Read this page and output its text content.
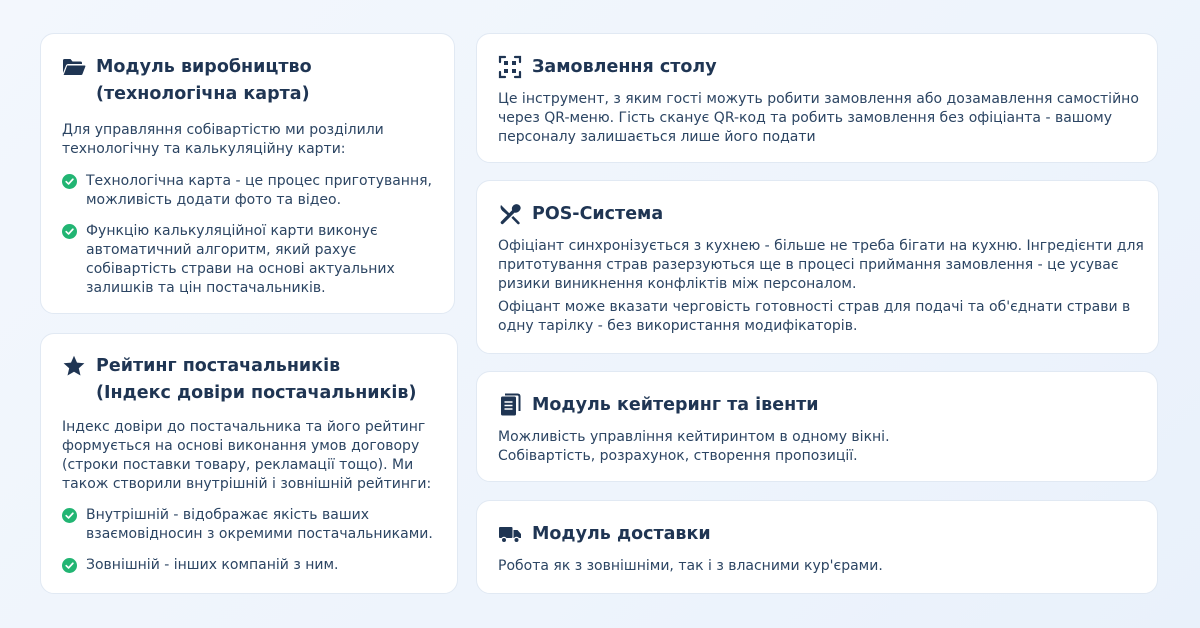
Модуль виробництво
(технологічна карта)
Для управляння собівартістю ми розділили
технологічну та калькуляційну карти:
Технологічна карта - це процес приготування,
можливість додати фото та відео.
Функцію калькуляційної карти виконує
автоматичний алгоритм, який рахує
собівартість страви на основі актуальних
залишків та цін постачальників.
Рейтинг постачальників
(Індекс довіри постачальників)
Індекс довіри до постачальника та його рейтинг
формується на основі виконання умов договору
(строки поставки товару, рекламації тощо). Ми
також створили внутрішній і зовнішній рейтинги:
Внутрішній - відображає якість ваших
взаємовідносин з окремими постачальниками.
Зовнішній - інших компаній з ним.
Замовлення столу
Це інструмент, з яким гості можуть робити замовлення або дозамавлення самостійно
через QR-меню. Гість сканує QR-код та робить замовлення без офіціанта - вашому
персоналу залишається лише його подати
POS-Система
Офіціант синхронізується з кухнею - більше не треба бігати на кухню. Інгредієнти для
притотування страв разерзуються ще в процесі приймання замовлення - це усуває
ризики виникнення конфліктів між персоналом.
Офіцант може вказати черговість готовності страв для подачі та об'єднати страви в
одну тарілку - без використання модифікаторів.
Модуль кейтеринг та івенти
Можливість управління кейтиринтом в одному вікні.
Собівартість, розрахунок, створення пропозиції.
Модуль доставки
Робота як з зовнішніми, так і з власними кур'єрами.
